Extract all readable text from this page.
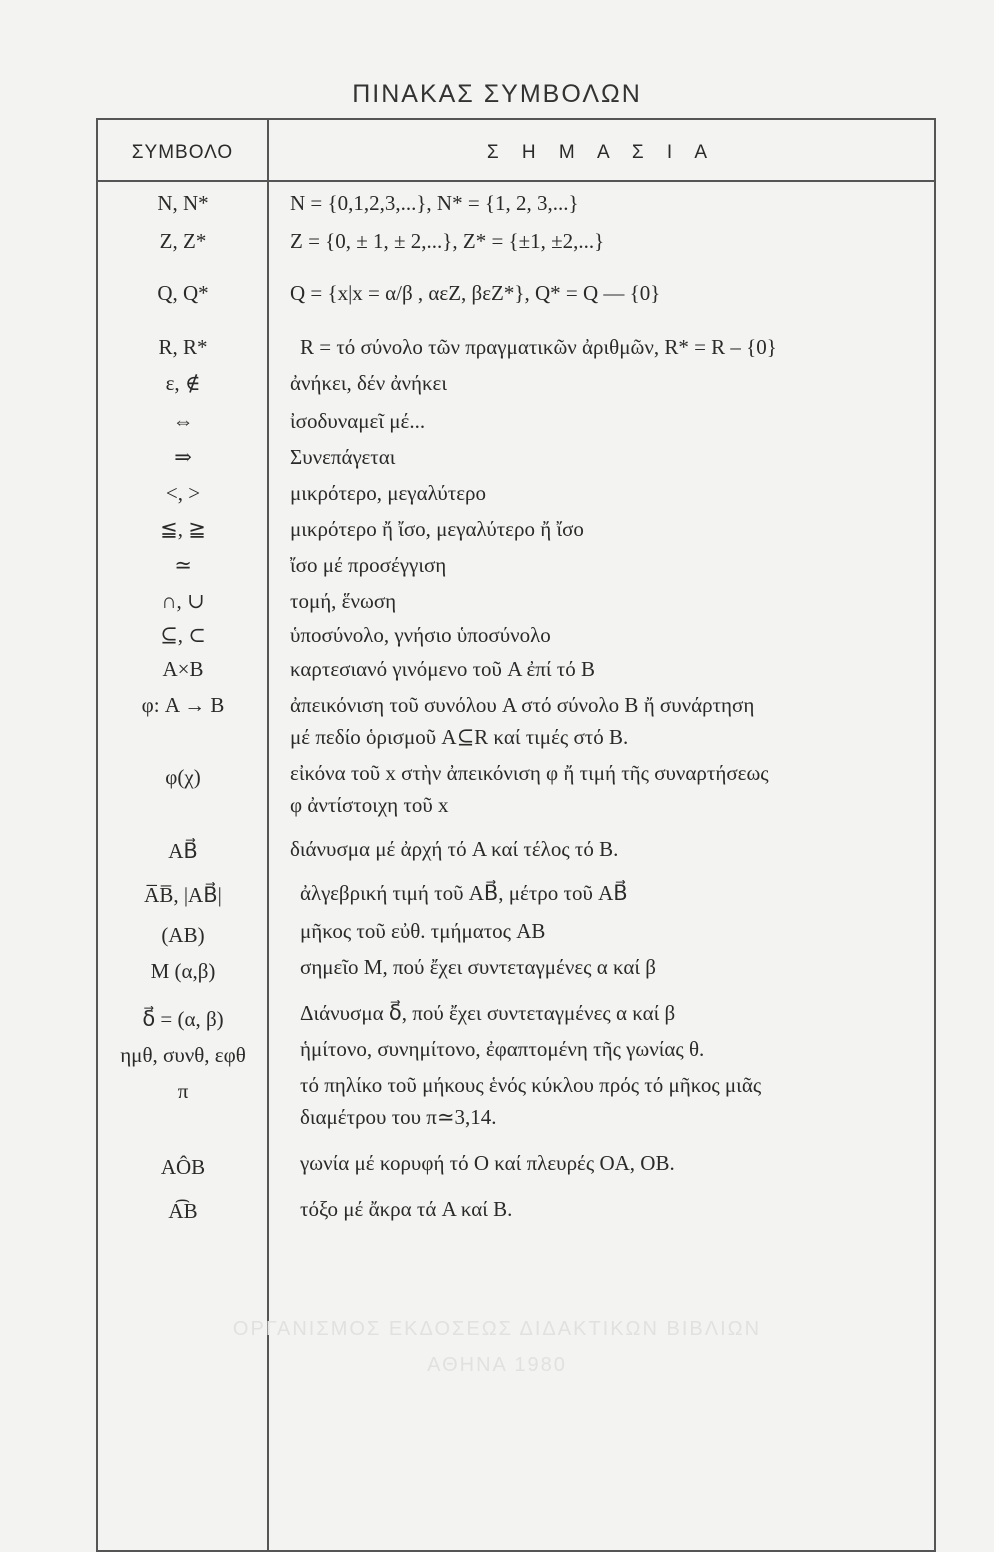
ΠΙΝΑΚΑΣ ΣΥΜΒΟΛΩΝ
ΣΥΜΒΟΛΟ	Σ Η Μ Α Σ Ι Α
N, N*	N = {0,1,2,3,...}, N* = {1, 2, 3,...}
Z, Z*	Z = {0, ± 1, ± 2,...}, Z* = {±1, ±2,...}
Q, Q*	Q = {x|x = α/β , αεZ, βεZ*}, Q* = Q — {0}
R, R*	R = τό σύνολο τῶν πραγματικῶν ἀριθμῶν, R* = R – {0}
ε, ∉	ἀνήκει, δέν ἀνήκει
⇔	ἰσοδυναμεῖ μέ...
⇒	Συνεπάγεται
<, >	μικρότερο, μεγαλύτερο
≦, ≧	μικρότερο ἤ ἴσο, μεγαλύτερο ἤ ἴσο
≃	ἴσο μέ προσέγγιση
∩, ∪	τομή, ἕνωση
⊆, ⊂	ὑποσύνολο, γνήσιο ὑποσύνολο
A×B	καρτεσιανό γινόμενο τοῦ A ἐπί τό B
φ: A → B	ἀπεικόνιση τοῦ συνόλου A στό σύνολο B ἤ συνάρτηση
μέ πεδίο ὁρισμοῦ A⊆R καί τιμές στό B.
φ(χ)	εἰκόνα τοῦ x στὴν ἀπεικόνιση φ ἤ τιμή τῆς συναρτήσεως
φ ἀντίστοιχη τοῦ x
AB⃗	διάνυσμα μέ ἀρχή τό A καί τέλος τό B.
A̅B̅, |AB⃗|	ἀλγεβρική τιμή τοῦ AB⃗, μέτρο τοῦ AB⃗
(AB)	μῆκος τοῦ εὐθ. τμήματος AB
M (α,β)	σημεῖο M, πού ἔχει συντεταγμένες α καί β
δ⃗ = (α, β)	Διάνυσμα δ⃗, πού ἔχει συντεταγμένες α καί β
ημθ, συνθ, εφθ	ἡμίτονο, συνημίτονο, ἐφαπτομένη τῆς γωνίας θ.
π	τό πηλίκο τοῦ μήκους ἑνός κύκλου πρός τό μῆκος μιᾶς
διαμέτρου του π≃3,14.
AÔB	γωνία μέ κορυφή τό O καί πλευρές OA, OB.
A͡B	τόξο μέ ἄκρα τά A καί B.
ΟΡΓΑΝΙΣΜΟΣ ΕΚΔΟΣΕΩΣ ΔΙΔΑΚΤΙΚΩΝ ΒΙΒΛΙΩΝ
ΑΘΗΝΑ 1980
